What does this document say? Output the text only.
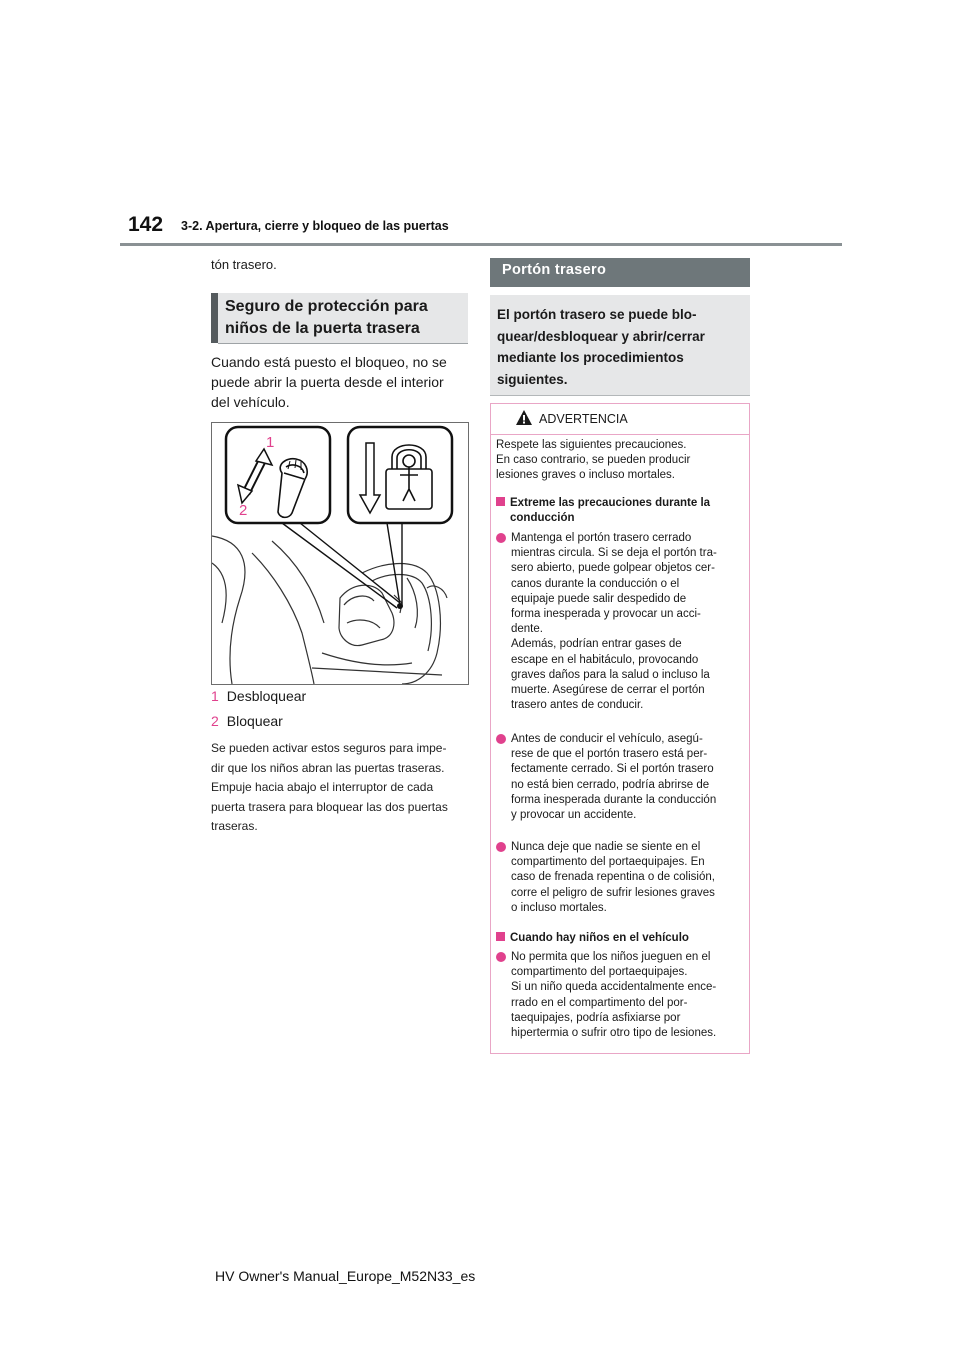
142 3-2. Apertura, cierre y bloqueo de las puertas
tón trasero.
Seguro de protección para
niños de la puerta trasera
Cuando está puesto el bloqueo, no se
puede abrir la puerta desde el interior
del vehículo.
1
2
1 Desbloquear
2 Bloquear
Se pueden activar estos seguros para impe-
dir que los niños abran las puertas traseras.
Empuje hacia abajo el interruptor de cada
puerta trasera para bloquear las dos puertas
traseras.
Portón trasero
El portón trasero se puede blo-
quear/desbloquear y abrir/cerrar
mediante los procedimientos
siguientes.
ADVERTENCIA
Respete las siguientes precauciones.
En caso contrario, se pueden producir
lesiones graves o incluso mortales.
Extreme las precauciones durante la
conducción
Mantenga el portón trasero cerrado
mientras circula. Si se deja el portón tra-
sero abierto, puede golpear objetos cer-
canos durante la conducción o el
equipaje puede salir despedido de
forma inesperada y provocar un acci-
dente.
Además, podrían entrar gases de
escape en el habitáculo, provocando
graves daños para la salud o incluso la
muerte. Asegúrese de cerrar el portón
trasero antes de conducir.
Antes de conducir el vehículo, asegú-
rese de que el portón trasero está per-
fectamente cerrado. Si el portón trasero
no está bien cerrado, podría abrirse de
forma inesperada durante la conducción
y provocar un accidente.
Nunca deje que nadie se siente en el
compartimento del portaequipajes. En
caso de frenada repentina o de colisión,
corre el peligro de sufrir lesiones graves
o incluso mortales.
Cuando hay niños en el vehículo
No permita que los niños jueguen en el
compartimento del portaequipajes.
Si un niño queda accidentalmente ence-
rrado en el compartimento del por-
taequipajes, podría asfixiarse por
hipertermia o sufrir otro tipo de lesiones.
HV Owner's Manual_Europe_M52N33_es
